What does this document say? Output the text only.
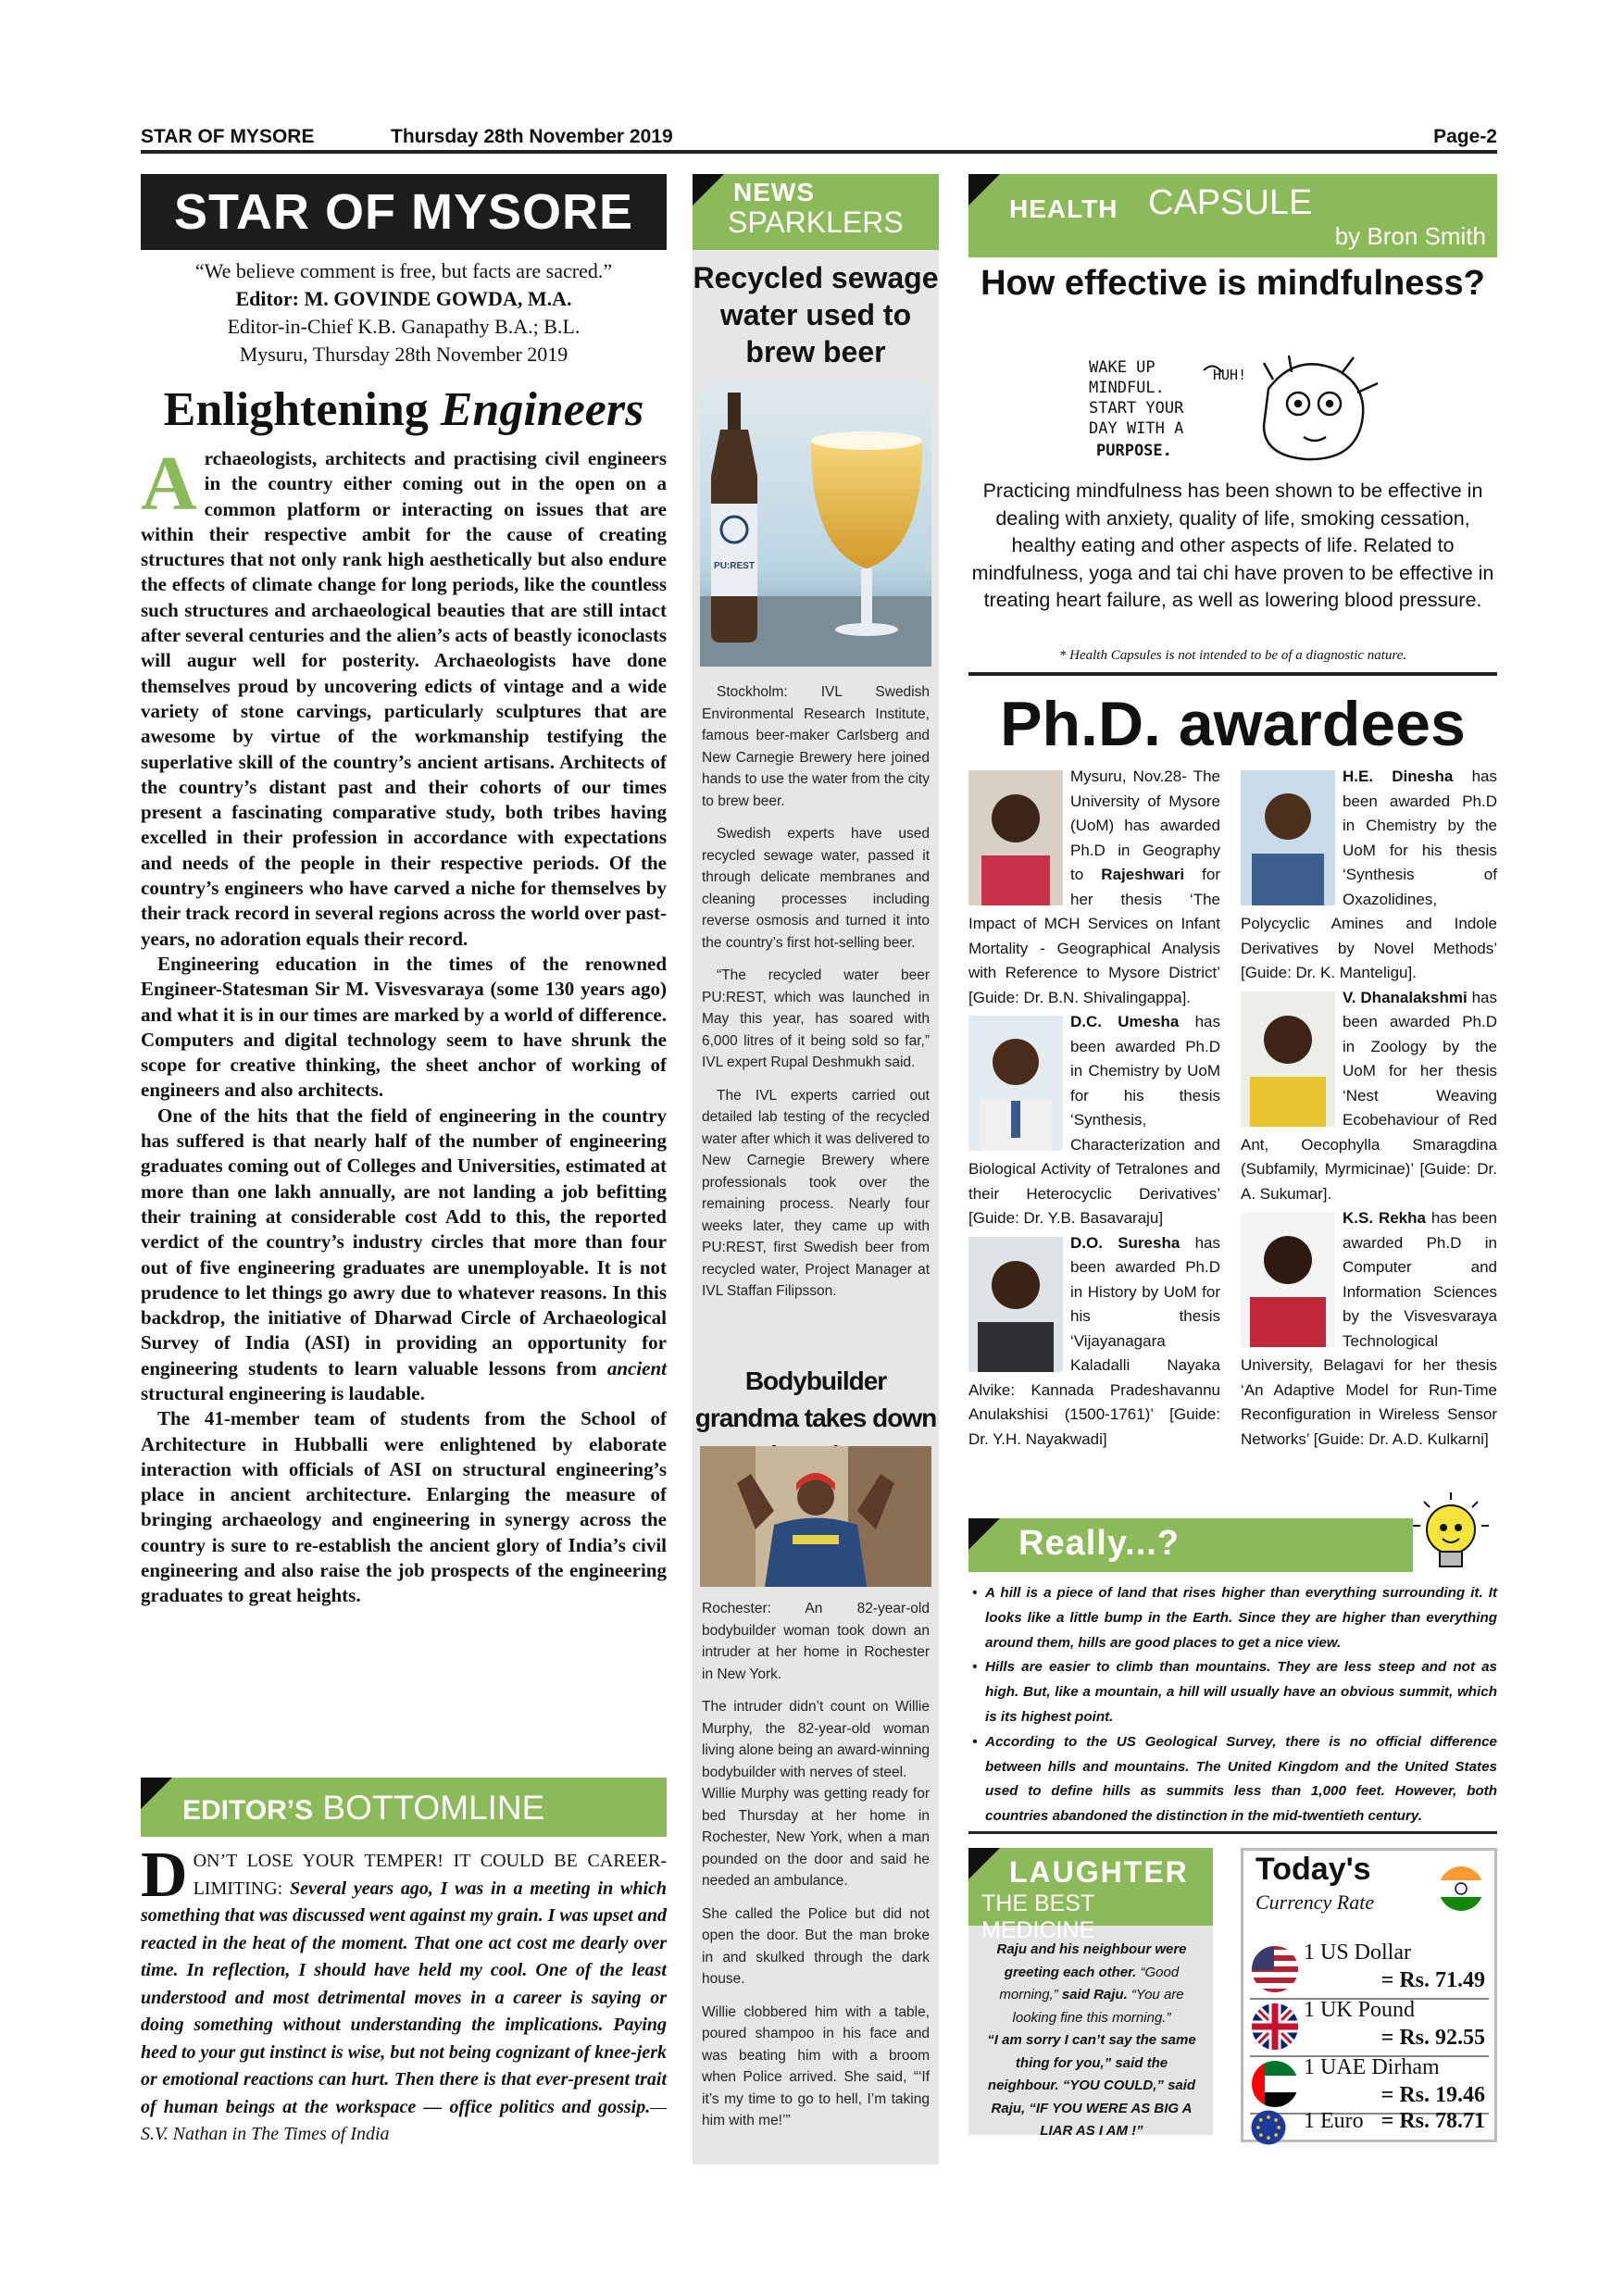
STAR OF MYSORE	Thursday 28th November 2019	Page-2
STAR OF MYSORE
“We believe comment is free, but facts are sacred.”
Editor: M. GOVINDE GOWDA, M.A.
Editor-in-Chief K.B. Ganapathy B.A.; B.L.
Mysuru, Thursday 28th November 2019
Enlightening Engineers

Archaeologists, architects and practising civil engineers in the country either coming out in the open on a common platform or interacting on issues that are within their respective ambit for the cause of creating structures that not only rank high aesthetically but also endure the effects of climate change for long periods, like the countless such structures and archaeological beauties that are still intact after several centuries and the alien’s acts of beastly iconoclasts will augur well for posterity. Archaeologists have done themselves proud by uncovering edicts of vintage and a wide variety of stone carvings, particularly sculptures that are awesome by virtue of the workmanship testifying the superlative skill of the country’s ancient artisans. Architects of the country’s distant past and their cohorts of our times present a fascinating comparative study, both tribes having excelled in their profession in accordance with expectations and needs of the people in their respective periods. Of the country’s engineers who have carved a niche for themselves by their track record in several regions across the world over past-years, no adoration equals their record.

Engineering education in the times of the renowned Engineer-Statesman Sir M. Visvesvaraya (some 130 years ago) and what it is in our times are marked by a world of difference. Computers and digital technology seem to have shrunk the scope for creative thinking, the sheet anchor of working of engineers and also architects.

One of the hits that the field of engineering in the country has suffered is that nearly half of the number of engineering graduates coming out of Colleges and Universities, estimated at more than one lakh annually, are not landing a job befitting their training at considerable cost Add to this, the reported verdict of the country’s industry circles that more than four out of five engineering graduates are unemployable. It is not prudence to let things go awry due to whatever reasons. In this backdrop, the initiative of Dharwad Circle of Archaeological Survey of India (ASI) in providing an opportunity for engineering students to learn valuable lessons from ancient structural engineering is laudable.

The 41-member team of students from the School of Architecture in Hubballi were enlightened by elaborate interaction with officials of ASI on structural engineering’s place in ancient architecture. Enlarging the measure of bringing archaeology and engineering in synergy across the country is sure to re-establish the ancient glory of India’s civil engineering and also raise the job prospects of the engineering graduates to great heights.

EDITOR’S BOTTOMLINE
DON’T LOSE YOUR TEMPER! IT COULD BE CAREER-LIMITING: Several years ago, I was in a meeting in which something that was discussed went against my grain. I was upset and reacted in the heat of the moment. That one act cost me dearly over time. In reflection, I should have held my cool. One of the least understood and most detrimental moves in a career is saying or doing something without understanding the implications. Paying heed to your gut instinct is wise, but not being cognizant of knee-jerk or emotional reactions can hurt. Then there is that ever-present trait of human beings at the workspace — office politics and gossip.— S.V. Nathan in The Times of India
NEWS
SPARKLERS
Recycled sewage water used to brew beer
PU:REST

Stockholm: IVL Swedish Environmental Research Institute, famous beer-maker Carlsberg and New Carnegie Brewery here joined hands to use the water from the city to brew beer.

Swedish experts have used recycled sewage water, passed it through delicate membranes and cleaning processes including reverse osmosis and turned it into the country’s first hot-selling beer.

“The recycled water beer PU:REST, which was launched in May this year, has soared with 6,000 litres of it being sold so far,” IVL expert Rupal Deshmukh said.

The IVL experts carried out detailed lab testing of the recycled water after which it was delivered to New Carnegie Brewery where professionals took over the remaining process. Nearly four weeks later, they came up with PU:REST, first Swedish beer from recycled water, Project Manager at IVL Staffan Filipsson.

Bodybuilder grandma takes down

Rochester: An 82-year-old bodybuilder woman took down an intruder at her home in Rochester in New York.

The intruder didn’t count on Willie Murphy, the 82-year-old woman living alone being an award-winning bodybuilder with nerves of steel.

Willie Murphy was getting ready for bed Thursday at her home in Rochester, New York, when a man pounded on the door and said he needed an ambulance.

She called the Police but did not open the door. But the man broke in and skulked through the dark house.

Willie clobbered him with a table, poured shampoo in his face and was beating him with a broom when Police arrived. She said, “‘If it’s my time to go to hell, I’m taking him with me!’”

HEALTH CAPSULE
by Bron Smith
How effective is mindfulness?
WAKE UP
MINDFUL.
START YOUR
DAY WITH A
PURPOSE.
HUH!
Practicing mindfulness has been shown to be effective in dealing with anxiety, quality of life, smoking cessation, healthy eating and other aspects of life. Related to mindfulness, yoga and tai chi have proven to be effective in treating heart failure, as well as lowering blood pressure.
* Health Capsules is not intended to be of a diagnostic nature.
Ph.D. awardees

Mysuru, Nov.28- The University of Mysore (UoM) has awarded Ph.D in Geography to Rajeshwari for her thesis ‘The Impact of MCH Services on Infant Mortality - Geographical Analysis with Reference to Mysore District’ [Guide: Dr. B.N. Shivalingappa].

D.C. Umesha has been awarded Ph.D in Chemistry by UoM for his thesis ‘Synthesis, Characterization and Biological Activity of Tetralones and their Heterocyclic Derivatives’ [Guide: Dr. Y.B. Basavaraju]

D.O. Suresha has been awarded Ph.D in History by UoM for his thesis ‘Vijayanagara Kaladalli Nayaka Alvike: Kannada Pradeshavannu Anulakshisi (1500-1761)’ [Guide: Dr. Y.H. Nayakwadi]

H.E. Dinesha has been awarded Ph.D in Chemistry by the UoM for his thesis ‘Synthesis of Oxazolidines, Polycyclic Amines and Indole Derivatives by Novel Methods’ [Guide: Dr. K. Manteligu].

V. Dhanalakshmi has been awarded Ph.D in Zoology by the UoM for her thesis ‘Nest Weaving Ecobehaviour of Red Ant, Oecophylla Smaragdina (Subfamily, Myrmicinae)’ [Guide: Dr. A. Sukumar].

K.S. Rekha has been awarded Ph.D in Computer and Information Sciences by the Visvesvaraya Technological University, Belagavi for her thesis ‘An Adaptive Model for Run-Time Reconfiguration in Wireless Sensor Networks’ [Guide: Dr. A.D. Kulkarni]

Really...?
• A hill is a piece of land that rises higher than everything surrounding it. It looks like a little bump in the Earth. Since they are higher than everything around them, hills are good places to get a nice view.
• Hills are easier to climb than mountains. They are less steep and not as high. But, like a mountain, a hill will usually have an obvious summit, which is its highest point.
• According to the US Geological Survey, there is no official difference between hills and mountains. The United Kingdom and the United States used to define hills as summits less than 1,000 feet. However, both countries abandoned the distinction in the mid-twentieth century.
LAUGHTER
THE BEST MEDICINE
Raju and his neighbour were greeting each other. “Good morning,” said Raju. “You are looking fine this morning.”
“I am sorry I can’t say the same thing for you,” said the neighbour. “YOU COULD,” said Raju, “IF YOU WERE AS BIG A LIAR AS I AM !”
Today's
Currency Rate
1 US Dollar
= Rs. 71.49
1 UK Pound
= Rs. 92.55
1 UAE Dirham
= Rs. 19.46
1 Euro = Rs. 78.71
